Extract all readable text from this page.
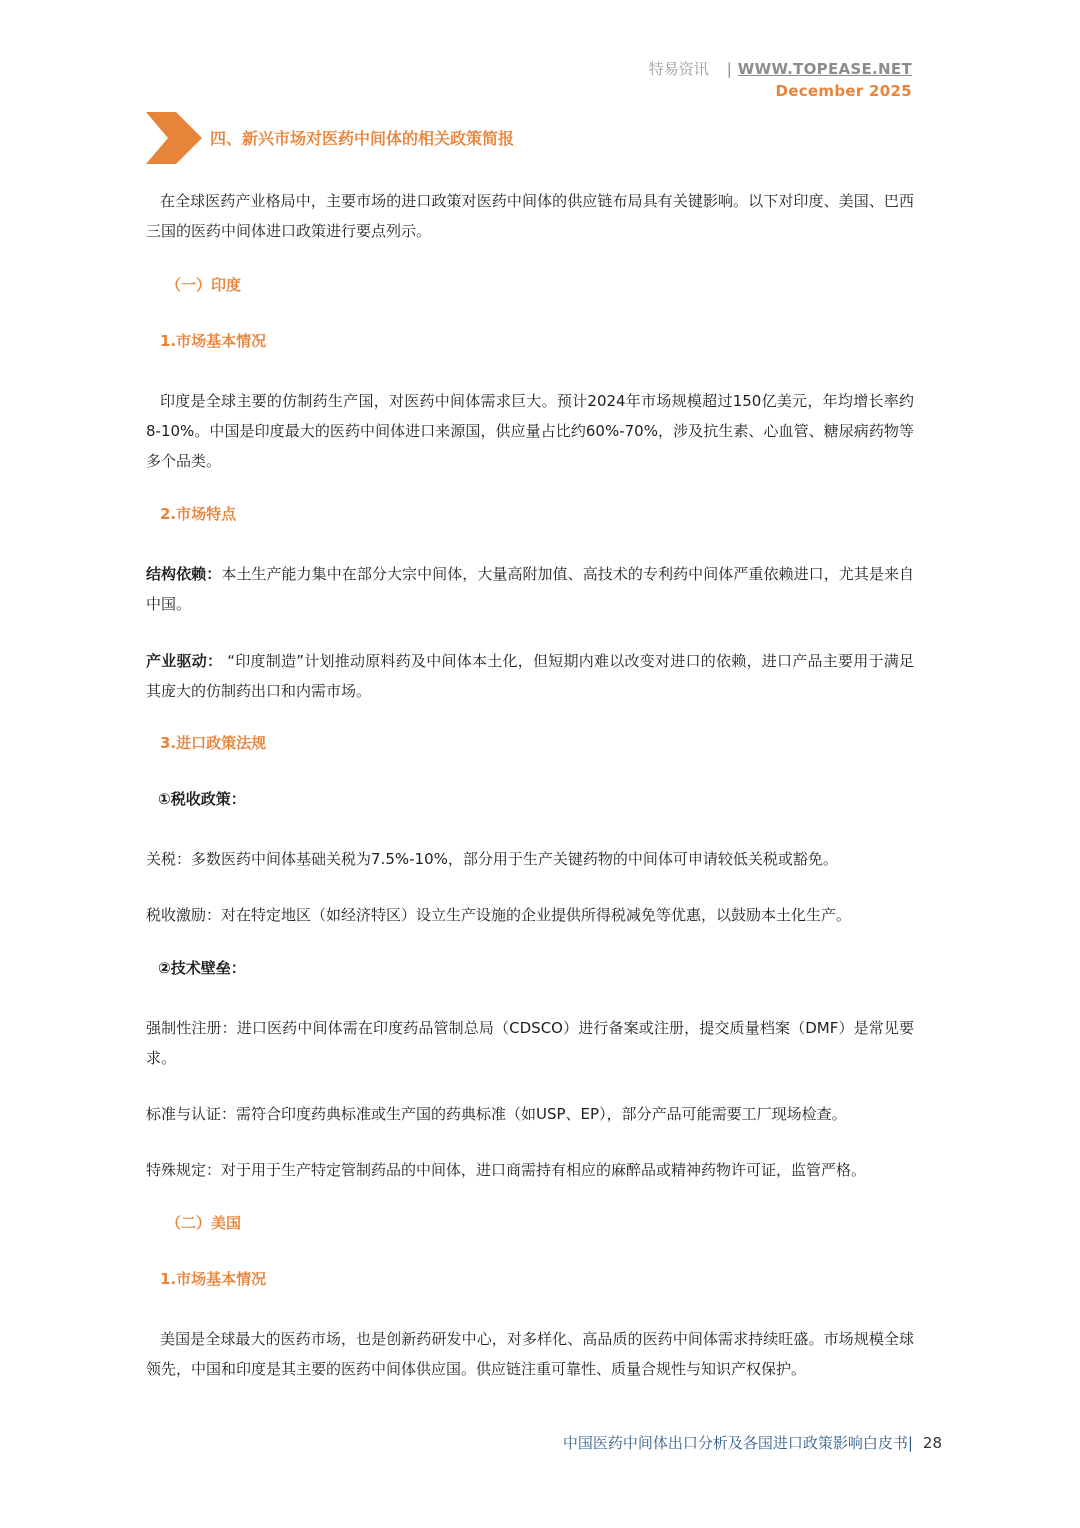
特易资讯 | WWW.TOPEASE.NET
December 2025
四、新兴市场对医药中间体的相关政策简报
在全球医药产业格局中，主要市场的进口政策对医药中间体的供应链布局具有关键影响。以下对印度、美国、巴西三国的医药中间体进口政策进行要点列示。
（一）印度
1.市场基本情况
印度是全球主要的仿制药生产国，对医药中间体需求巨大。预计2024年市场规模超过150亿美元，年均增长率约8-10%。中国是印度最大的医药中间体进口来源国，供应量占比约60%-70%，涉及抗生素、心血管、糖尿病药物等多个品类。
2.市场特点
结构依赖：本土生产能力集中在部分大宗中间体，大量高附加值、高技术的专利药中间体严重依赖进口，尤其是来自中国。
产业驱动： “印度制造”计划推动原料药及中间体本土化，但短期内难以改变对进口的依赖，进口产品主要用于满足其庞大的仿制药出口和内需市场。
3.进口政策法规
①税收政策：
关税：多数医药中间体基础关税为7.5%-10%，部分用于生产关键药物的中间体可申请较低关税或豁免。
税收激励：对在特定地区（如经济特区）设立生产设施的企业提供所得税减免等优惠，以鼓励本土化生产。
②技术壁垒：
强制性注册：进口医药中间体需在印度药品管制总局（CDSCO）进行备案或注册，提交质量档案（DMF）是常见要求。
标准与认证：需符合印度药典标准或生产国的药典标准（如USP、EP），部分产品可能需要工厂现场检查。
特殊规定：对于用于生产特定管制药品的中间体，进口商需持有相应的麻醉品或精神药物许可证，监管严格。
（二）美国
1.市场基本情况
美国是全球最大的医药市场，也是创新药研发中心，对多样化、高品质的医药中间体需求持续旺盛。市场规模全球领先，中国和印度是其主要的医药中间体供应国。供应链注重可靠性、质量合规性与知识产权保护。
中国医药中间体出口分析及各国进口政策影响白皮书| 28
